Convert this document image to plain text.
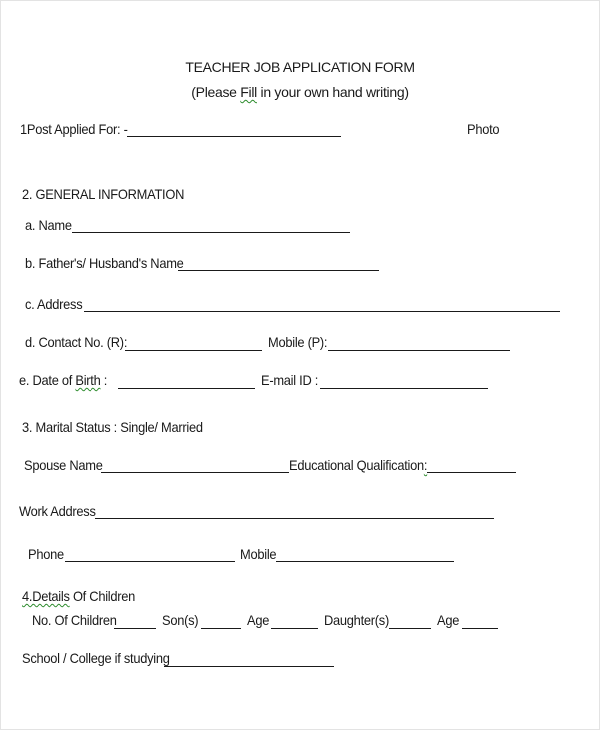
TEACHER JOB APPLICATION FORM
(Please Fill in your own hand writing)
1Post Applied For: -	Photo
2. GENERAL INFORMATION
a. Name
b. Father's/ Husband's Name
c. Address
d. Contact No. (R):	Mobile (P):
e. Date of Birth :	E-mail ID :
3. Marital Status : Single/ Married
Spouse Name	Educational Qualification:
Work Address
Phone	Mobile
4.Details Of Children
No. Of Children	Son(s)	Age	Daughter(s)	Age
School / College if studying
